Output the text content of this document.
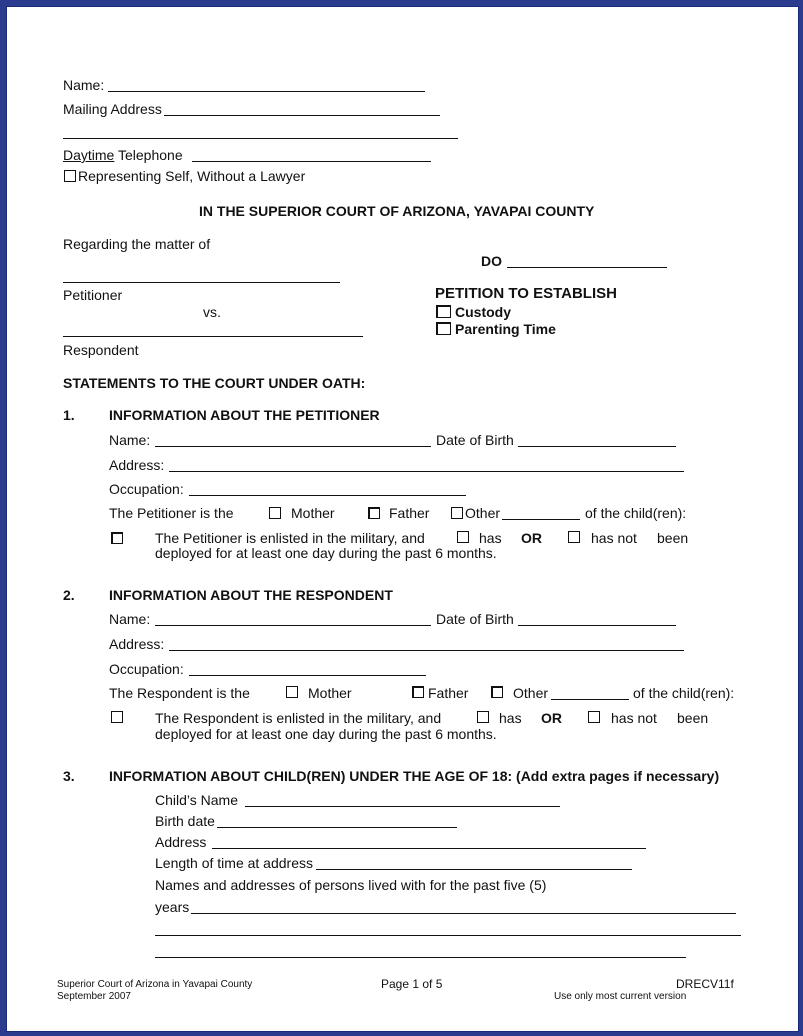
Name:
Mailing Address
Daytime Telephone
Representing Self, Without a Lawyer
IN THE SUPERIOR COURT OF ARIZONA, YAVAPAI COUNTY
Regarding the matter of
DO
Petitioner
vs.
PETITION TO ESTABLISH
Custody
Parenting Time
Respondent
STATEMENTS TO THE COURT UNDER OATH:
1. INFORMATION ABOUT THE PETITIONER
Name:	Date of Birth
Address:
Occupation:
The Petitioner is the	Mother	Father	Other	of the child(ren):
The Petitioner is enlisted in the military, and	has OR	has not been
deployed for at least one day during the past 6 months.
2. INFORMATION ABOUT THE RESPONDENT
Name:	Date of Birth
Address:
Occupation:
The Respondent is the	Mother	Father	Other	of the child(ren):
The Respondent is enlisted in the military, and	has OR	has not been
deployed for at least one day during the past 6 months.
3. INFORMATION ABOUT CHILD(REN) UNDER THE AGE OF 18: (Add extra pages if necessary)
Child’s Name
Birth date
Address
Length of time at address
Names and addresses of persons lived with for the past five (5)
years
Superior Court of Arizona in Yavapai County
September 2007
Page 1 of 5	DRECV11f
Use only most current version
